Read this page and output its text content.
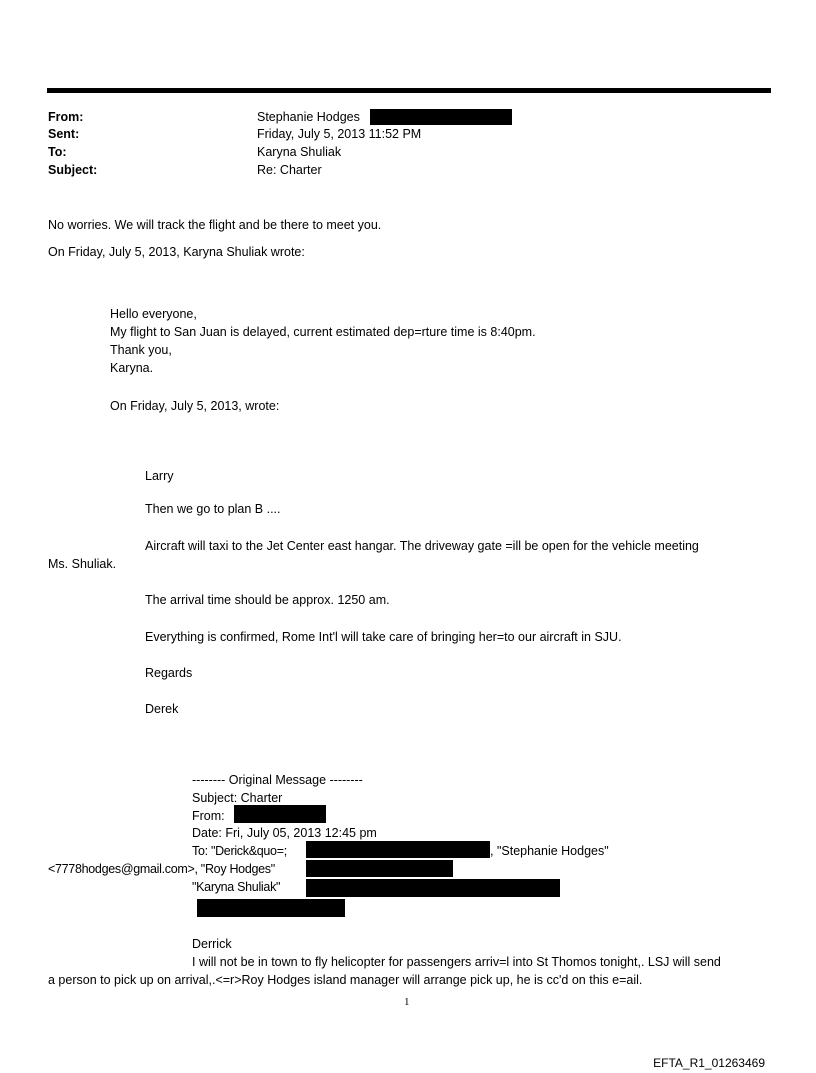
From:
Sent:
To:
Subject:
Stephanie Hodges
Friday, July 5, 2013 11:52 PM
Karyna Shuliak
Re: Charter
No worries. We will track the flight and be there to meet you.
On Friday, July 5, 2013, Karyna Shuliak wrote:
Hello everyone,
My flight to San Juan is delayed, current estimated dep=rture time is 8:40pm.
Thank you,
Karyna.
On Friday, July 5, 2013, wrote:
Larry
Then we go to plan B ....
Aircraft will taxi to the Jet Center east hangar. The driveway gate =ill be open for the vehicle meeting
Ms. Shuliak.
The arrival time should be approx. 1250 am.
Everything is confirmed, Rome Int'l will take care of bringing her=to our aircraft in SJU.
Regards
Derek
-------- Original Message --------
Subject: Charter
From:
Date: Fri, July 05, 2013 12:45 pm
To: "Derick&quo=;	, "Stephanie Hodges"
<7778hodges@gmail.com>, "Roy Hodges"
"Karyna Shuliak"
Derrick
I will not be in town to fly helicopter for passengers arriv=l into St Thomos tonight,. LSJ will send
a person to pick up on arrival,.<=r>Roy Hodges island manager will arrange pick up, he is cc'd on this e=ail.
1
EFTA_R1_01263469
